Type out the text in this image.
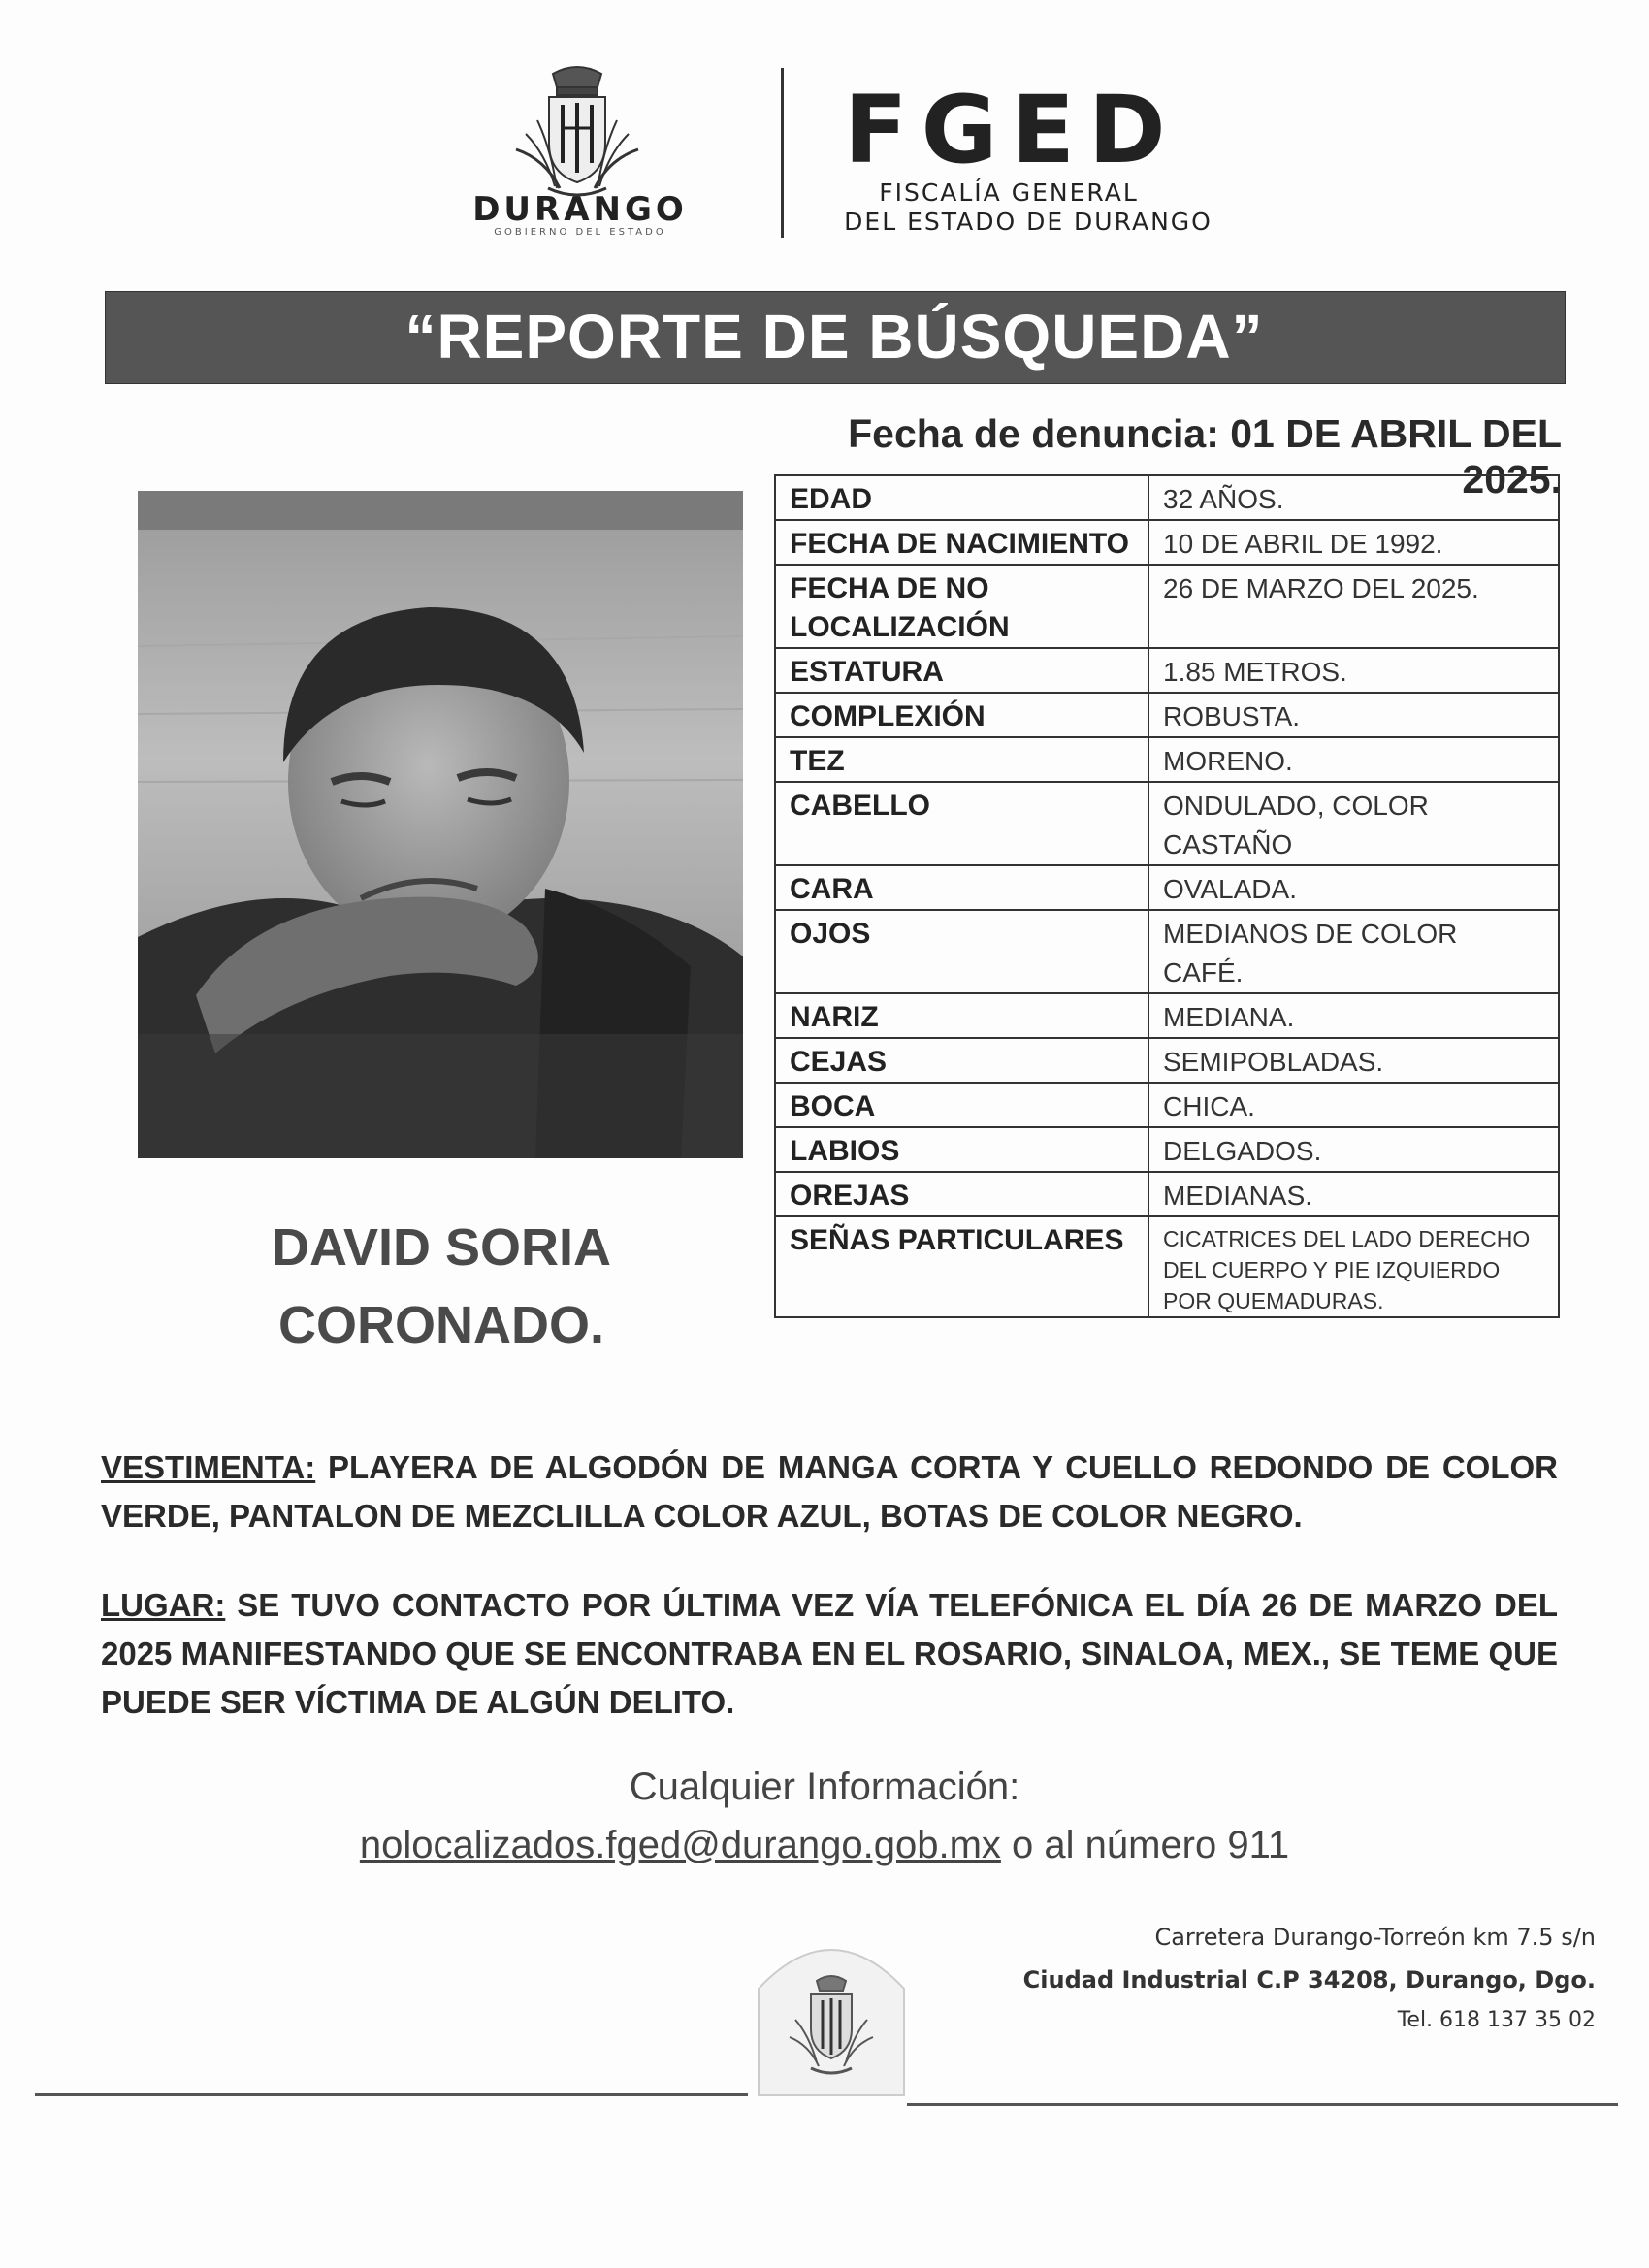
DURANGO
GOBIERNO DEL ESTADO
FGED
FISCALÍA GENERAL
DEL ESTADO DE DURANGO
“REPORTE DE BÚSQUEDA”
Fecha de denuncia: 01 DE ABRIL DEL 2025.
DAVID SORIA
CORONADO.
EDAD	32 AÑOS.
FECHA DE NACIMIENTO	10 DE ABRIL DE 1992.
FECHA DE NO LOCALIZACIÓN	26 DE MARZO DEL 2025.
ESTATURA	1.85 METROS.
COMPLEXIÓN	ROBUSTA.
TEZ	MORENO.
CABELLO	ONDULADO, COLOR CASTAÑO
CARA	OVALADA.
OJOS	MEDIANOS DE COLOR CAFÉ.
NARIZ	MEDIANA.
CEJAS	SEMIPOBLADAS.
BOCA	CHICA.
LABIOS	DELGADOS.
OREJAS	MEDIANAS.
SEÑAS PARTICULARES	CICATRICES DEL LADO DERECHO DEL CUERPO Y PIE IZQUIERDO POR QUEMADURAS.
VESTIMENTA: PLAYERA DE ALGODÓN DE MANGA CORTA Y CUELLO REDONDO DE COLOR VERDE, PANTALON DE MEZCLILLA COLOR AZUL, BOTAS DE COLOR NEGRO.
LUGAR: SE TUVO CONTACTO POR ÚLTIMA VEZ VÍA TELEFÓNICA EL DÍA 26 DE MARZO DEL 2025 MANIFESTANDO QUE SE ENCONTRABA EN EL ROSARIO, SINALOA, MEX., SE TEME QUE PUEDE SER VÍCTIMA DE ALGÚN DELITO.
Cualquier Información:
nolocalizados.fged@durango.gob.mx o al número 911
Carretera Durango-Torreón km 7.5 s/n
Ciudad Industrial C.P 34208, Durango, Dgo.
Tel. 618 137 35 02
